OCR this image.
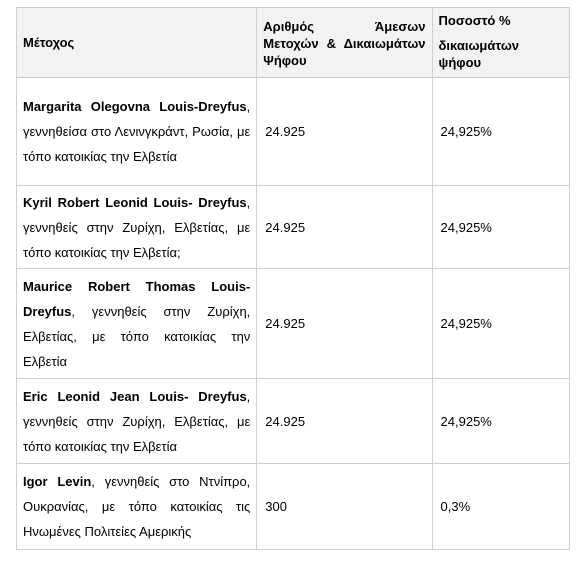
Μέτοχος	Αριθμός Άμεσων Μετοχών & Δικαιωμάτων Ψήφου	Ποσοστό %
δικαιωμάτων ψήφου

Margarita Olegovna Louis-Dreyfus, γεννηθείσα στο Λενινγκράντ, Ρωσία, με τόπο κατοικίας την Ελβετία	24.925	24,925%
Kyril Robert Leonid Louis- Dreyfus, γεννηθείς στην Ζυρίχη, Ελβετίας, με τόπο κατοικίας την Ελβετία;	24.925	24,925%
Maurice Robert Thomas Louis-Dreyfus, γεννηθείς στην Ζυρίχη, Ελβετίας, με τόπο κατοικίας την Ελβετία	24.925	24,925%
Eric Leonid Jean Louis- Dreyfus, γεννηθείς στην Ζυρίχη, Ελβετίας, με τόπο κατοικίας την Ελβετία	24.925	24,925%
Igor Levin, γεννηθείς στο Ντνίπρο, Ουκρανίας, με τόπο κατοικίας τις Ηνωμένες Πολιτείες Αμερικής	300	0,3%
